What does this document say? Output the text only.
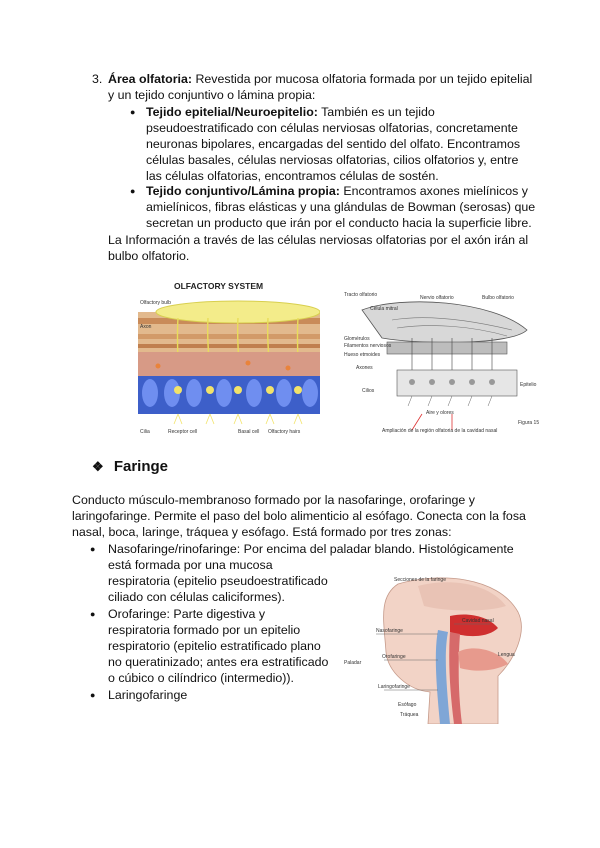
3. Área olfatoria: Revestida por mucosa olfatoria formada por un tejido epitelial
y un tejido conjuntivo o lámina propia:
● Tejido epitelial/Neuroepitelio: También es un tejido
pseudoestratificado con células nerviosas olfatorias, concretamente
neuronas bipolares, encargadas del sentido del olfato. Encontramos
células basales, células nerviosas olfatorias, cilios olfatorios y, entre
las células olfatorias, encontramos células de sostén.
● Tejido conjuntivo/Lámina propia: Encontramos axones mielínicos y
amielínicos, fibras elásticas y una glándulas de Bowman (serosas) que
secretan un producto que irán por el conducto hacia la superficie libre.
La Información a través de las células nerviosas olfatorias por el axón irán al
bulbo olfatorio.
OLFACTORY SYSTEM
Olfactory bulb
Axon
Cilia	Receptor cell	Basal cell Olfactory hairs
Tracto olfatorio	Nervio olfatorio	Bulbo olfatorio
Célula mitral
Glomérulos
Filamentos nerviosos
Hueso etmoides
Axones
Epitelio
Cilios
Aire y olores
Figura 15
Ampliación de la región olfatoria de la cavidad nasal
❖ Faringe
Conducto músculo-membranoso formado por la nasofaringe, orofaringe y
laringofaringe. Permite el paso del bolo alimenticio al esófago. Conecta con la fosa
nasal, boca, laringe, tráquea y esófago. Está formado por tres zonas:
● Nasofaringe/rinofaringe: Por encima del paladar blando. Histológicamente
está formada por una mucosa
respiratoria (epitelio pseudoestratificado
ciliado con células caliciformes).
● Orofaringe: Parte digestiva y
respiratoria formado por un epitelio
respiratorio (epitelio estratificado plano
no queratinizado; antes era estratificado
o cúbico o cilíndrico (intermedio)).
● Laringofaringe
Secciones de la faringe
Nasofaringe
Cavidad nasal
Orofaringe
Laringofaringe
Esófago
Tráquea
Paladar
Lengua
